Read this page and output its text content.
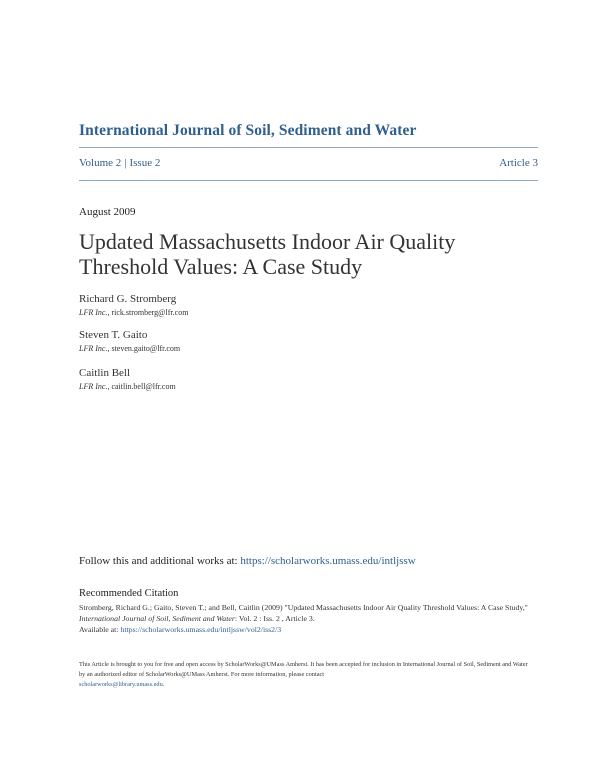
International Journal of Soil, Sediment and Water
Volume 2 | Issue 2	Article 3
August 2009
Updated Massachusetts Indoor Air Quality
Threshold Values: A Case Study
Richard G. Stromberg
LFR Inc., rick.stromberg@lfr.com
Steven T. Gaito
LFR Inc., steven.gaito@lfr.com
Caitlin Bell
LFR Inc., caitlin.bell@lfr.com
Follow this and additional works at: https://scholarworks.umass.edu/intljssw
Recommended Citation
Stromberg, Richard G.; Gaito, Steven T.; and Bell, Caitlin (2009) "Updated Massachusetts Indoor Air Quality Threshold Values: A Case Study," International Journal of Soil, Sediment and Water: Vol. 2 : Iss. 2 , Article 3.
Available at: https://scholarworks.umass.edu/intljssw/vol2/iss2/3
This Article is brought to you for free and open access by ScholarWorks@UMass Amherst. It has been accepted for inclusion in International Journal of Soil, Sediment and Water by an authorized editor of ScholarWorks@UMass Amherst. For more information, please contact
scholarworks@library.umass.edu.
